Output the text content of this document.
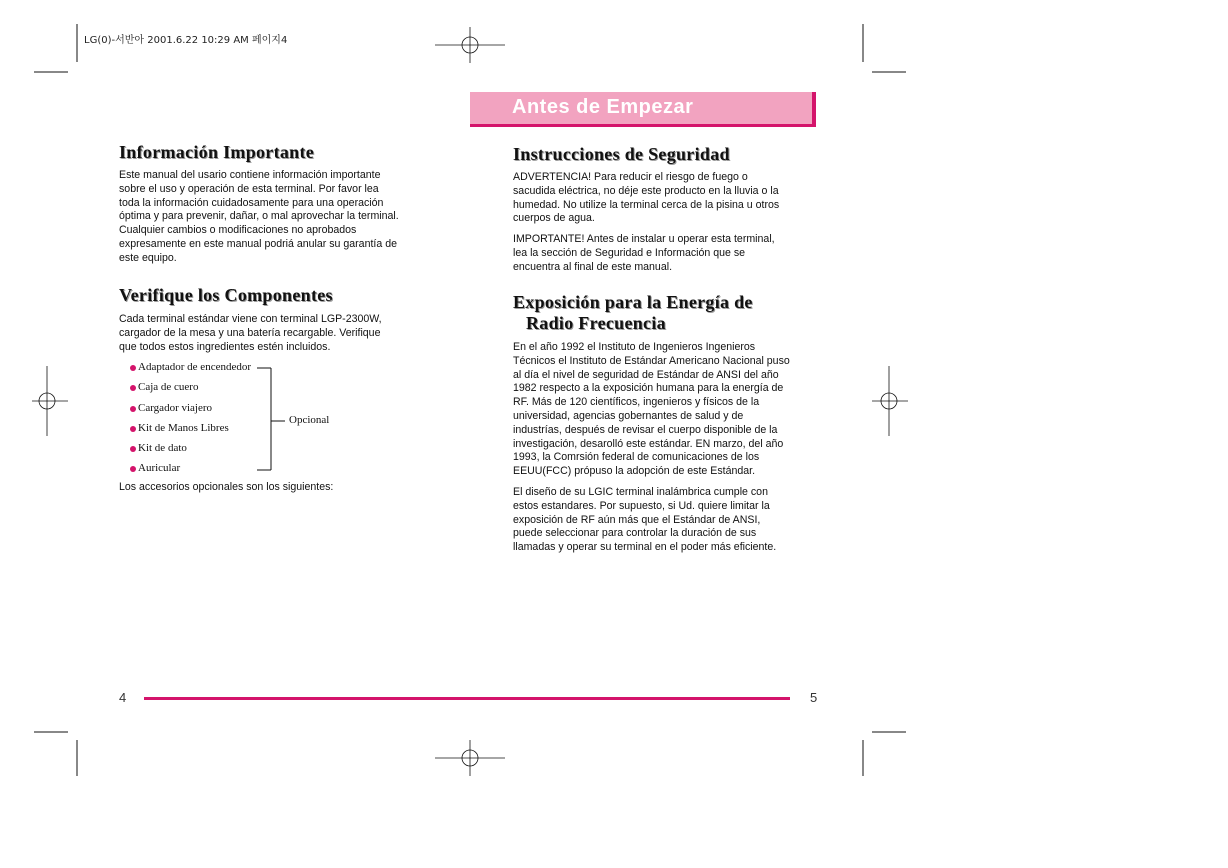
LG(0)-서반아 2001.6.22 10:29 AM 페이지4
Antes de Empezar
Información Importante

Este manual del usario contiene información importante

sobre el uso y operación de esta terminal. Por favor lea

toda la información cuidadosamente para una operación

óptima y para prevenir, dañar, o mal aprovechar la terminal.

Cualquier cambios o modificaciones no aprobados

expresamente en este manual podriá anular su garantía de

este equipo.

Verifique los Componentes

Cada terminal estándar viene con terminal LGP-2300W,

cargador de la mesa y una batería recargable. Verifique

que todos estos ingredientes estén incluidos.

Adaptador de encendedor
Caja de cuero
Cargador viajero
Kit de Manos Libres
Kit de dato
Auricular
Opcional
Los accesorios opcionales son los siguientes:
Instrucciones de Seguridad

ADVERTENCIA! Para reducir el riesgo de fuego o

sacudida eléctrica, no déje este producto en la lluvia o la

humedad. No utilize la terminal cerca de la pisina u otros

cuerpos de agua.

IMPORTANTE! Antes de instalar u operar esta terminal,

lea la sección de Seguridad e Información que se

encuentra al final de este manual.

Exposición para la Energía de
Radio Frecuencia

En el año 1992 el Instituto de Ingenieros Ingenieros

Técnicos el Instituto de Estándar Americano Nacional puso

al día el nivel de seguridad de Estándar de ANSI del año

1982 respecto a la exposición humana para la energía de

RF. Más de 120 científicos, ingenieros y físicos de la

universidad, agencias gobernantes de salud y de

industrías, después de revisar el cuerpo disponible de la

investigación, desarolló este estándar. EN marzo, del año

1993, la Comrsión federal de comunicaciones de los

EEUU(FCC) própuso la adopción de este Estándar.

El diseño de su LGIC terminal inalámbrica cumple con

estos estandares. Por supuesto, si Ud. quiere limitar la

exposición de RF aún más que el Estándar de ANSI,

puede seleccionar para controlar la duración de sus

llamadas y operar su terminal en el poder más eficiente.

4	5
